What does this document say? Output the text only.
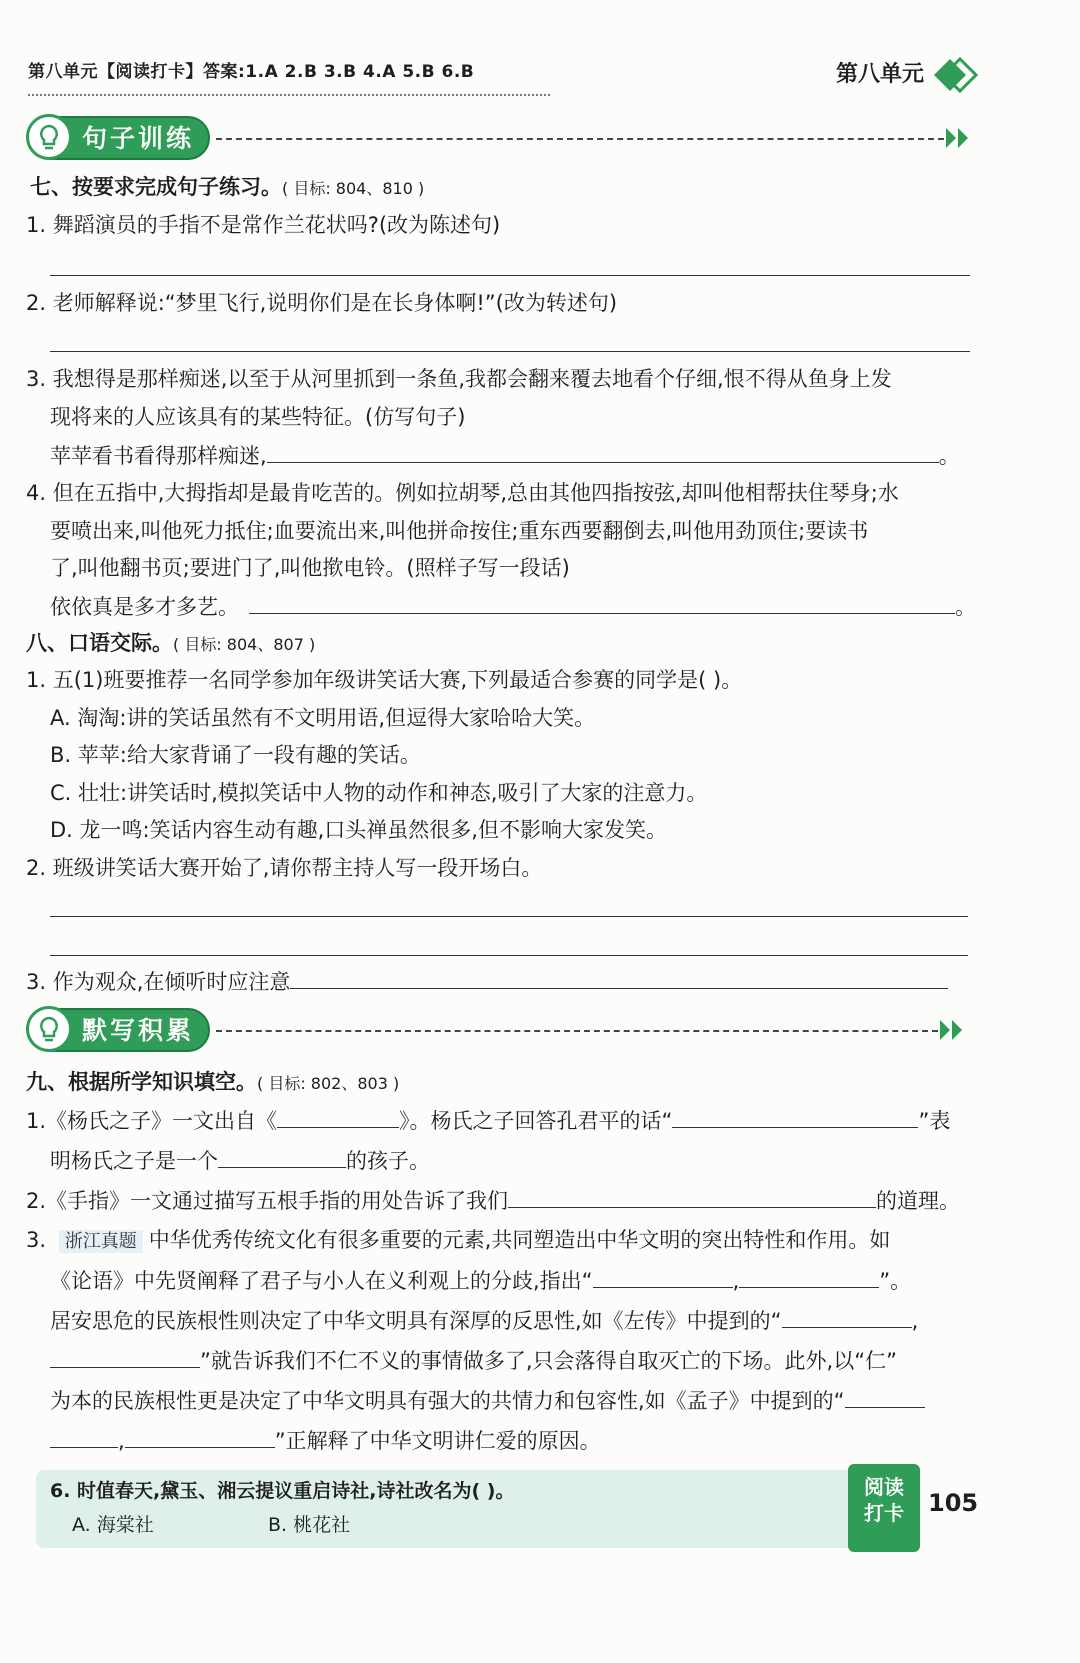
第八单元【阅读打卡】答案:1.A 2.B 3.B 4.A 5.B 6.B	第八单元
句子训练
七、按要求完成句子练习。( 目标: 804、810 )
1. 舞蹈演员的手指不是常作兰花状吗?(改为陈述句)
2. 老师解释说:“梦里飞行,说明你们是在长身体啊!”(改为转述句)
3. 我想得是那样痴迷,以至于从河里抓到一条鱼,我都会翻来覆去地看个仔细,恨不得从鱼身上发
现将来的人应该具有的某些特征。(仿写句子)
苹苹看书看得那样痴迷,	。
4. 但在五指中,大拇指却是最肯吃苦的。例如拉胡琴,总由其他四指按弦,却叫他相帮扶住琴身;水
要喷出来,叫他死力抵住;血要流出来,叫他拼命按住;重东西要翻倒去,叫他用劲顶住;要读书
了,叫他翻书页;要进门了,叫他揿电铃。(照样子写一段话)
依依真是多才多艺。	。
八、口语交际。( 目标: 804、807 )
1. 五(1)班要推荐一名同学参加年级讲笑话大赛,下列最适合参赛的同学是( )。
A. 淘淘:讲的笑话虽然有不文明用语,但逗得大家哈哈大笑。
B. 苹苹:给大家背诵了一段有趣的笑话。
C. 壮壮:讲笑话时,模拟笑话中人物的动作和神态,吸引了大家的注意力。
D. 龙一鸣:笑话内容生动有趣,口头禅虽然很多,但不影响大家发笑。
2. 班级讲笑话大赛开始了,请你帮主持人写一段开场白。
3. 作为观众,在倾听时应注意
默写积累
九、根据所学知识填空。( 目标: 802、803 )
1.《杨氏之子》一文出自《	》。杨氏之子回答孔君平的话“	”表
明杨氏之子是一个	的孩子。
2.《手指》一文通过描写五根手指的用处告诉了我们	的道理。
3. 浙江真题 中华优秀传统文化有很多重要的元素,共同塑造出中华文明的突出特性和作用。如
《论语》中先贤阐释了君子与小人在义利观上的分歧,指出“	,	”。
居安思危的民族根性则决定了中华文明具有深厚的反思性,如《左传》中提到的“	,
”就告诉我们不仁不义的事情做多了,只会落得自取灭亡的下场。此外,以“仁”
为本的民族根性更是决定了中华文明具有强大的共情力和包容性,如《孟子》中提到的“
,	”正解释了中华文明讲仁爱的原因。
6. 时值春天,黛玉、湘云提议重启诗社,诗社改名为( )。
A. 海棠社	B. 桃花社
阅读
打卡	105
